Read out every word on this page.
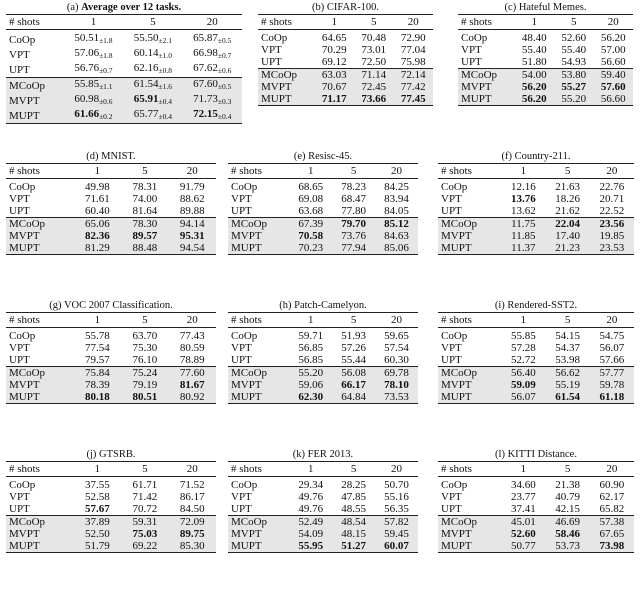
(a) Average over 12 tasks.
# shots	1	5	20

CoOp	50.51±1.8	55.50±2.1	65.87±0.5
VPT	57.06±1.8	60.14±1.0	66.98±0.7
UPT	56.76±0.7	62.16±0.8	67.62±0.6

MCoOp	55.85±1.1	61.54±1.6	67.60±0.5
MVPT	60.98±0.6	65.91±0.4	71.73±0.3
MUPT	61.66±0.2	65.77±0.4	72.15±0.4
(b) CIFAR-100.
# shots	1	5	20

CoOp	64.65	70.48	72.90
VPT	70.29	73.01	77.04
UPT	69.12	72.50	75.98

MCoOp	63.03	71.14	72.14
MVPT	70.67	72.45	77.42
MUPT	71.17	73.66	77.45
(c) Hateful Memes.
# shots	1	5	20

CoOp	48.40	52.60	56.20
VPT	55.40	55.40	57.00
UPT	51.80	54.93	56.60

MCoOp	54.00	53.80	59.40
MVPT	56.20	55.27	57.60
MUPT	56.20	55.20	56.60
(d) MNIST.
# shots	1	5	20

CoOp	49.98	78.31	91.79
VPT	71.61	74.00	88.62
UPT	60.40	81.64	89.88

MCoOp	65.06	78.30	94.14
MVPT	82.36	89.57	95.31
MUPT	81.29	88.48	94.54
(e) Resisc-45.
# shots	1	5	20

CoOp	68.65	78.23	84.25
VPT	69.08	68.47	83.94
UPT	63.68	77.80	84.05

MCoOp	67.39	79.70	85.12
MVPT	70.58	73.76	84.63
MUPT	70.23	77.94	85.06
(f) Country-211.
# shots	1	5	20

CoOp	12.16	21.63	22.76
VPT	13.76	18.26	20.71
UPT	13.62	21.62	22.52

MCoOp	11.75	22.04	23.56
MVPT	11.85	17.40	19.85
MUPT	11.37	21.23	23.53
(g) VOC 2007 Classification.
# shots	1	5	20

CoOp	55.78	63.70	77.43
VPT	77.54	75.30	80.59
UPT	79.57	76.10	78.89

MCoOp	75.84	75.24	77.60
MVPT	78.39	79.19	81.67
MUPT	80.18	80.51	80.92
(h) Patch-Camelyon.
# shots	1	5	20

CoOp	59.71	51.93	59.65
VPT	56.85	57.26	57.54
UPT	56.85	55.44	60.30

MCoOp	55.20	56.08	69.78
MVPT	59.06	66.17	78.10
MUPT	62.30	64.84	73.53
(i) Rendered-SST2.
# shots	1	5	20

CoOp	55.85	54.15	54.75
VPT	57.28	54.37	56.07
UPT	52.72	53.98	57.66

MCoOp	56.40	56.62	57.77
MVPT	59.09	55.19	59.78
MUPT	56.07	61.54	61.18
(j) GTSRB.
# shots	1	5	20

CoOp	37.55	61.71	71.52
VPT	52.58	71.42	86.17
UPT	57.67	70.72	84.50

MCoOp	37.89	59.31	72.09
MVPT	52.50	75.03	89.75
MUPT	51.79	69.22	85.30
(k) FER 2013.
# shots	1	5	20

CoOp	29.34	28.25	50.70
VPT	49.76	47.85	55.16
UPT	49.76	48.55	56.35

MCoOp	52.49	48.54	57.82
MVPT	54.09	48.15	59.45
MUPT	55.95	51.27	60.07
(l) KITTI Distance.
# shots	1	5	20

CoOp	34.60	21.38	60.90
VPT	23.77	40.79	62.17
UPT	37.41	42.15	65.82

MCoOp	45.01	46.69	57.38
MVPT	52.60	58.46	67.65
MUPT	50.77	53.73	73.98
